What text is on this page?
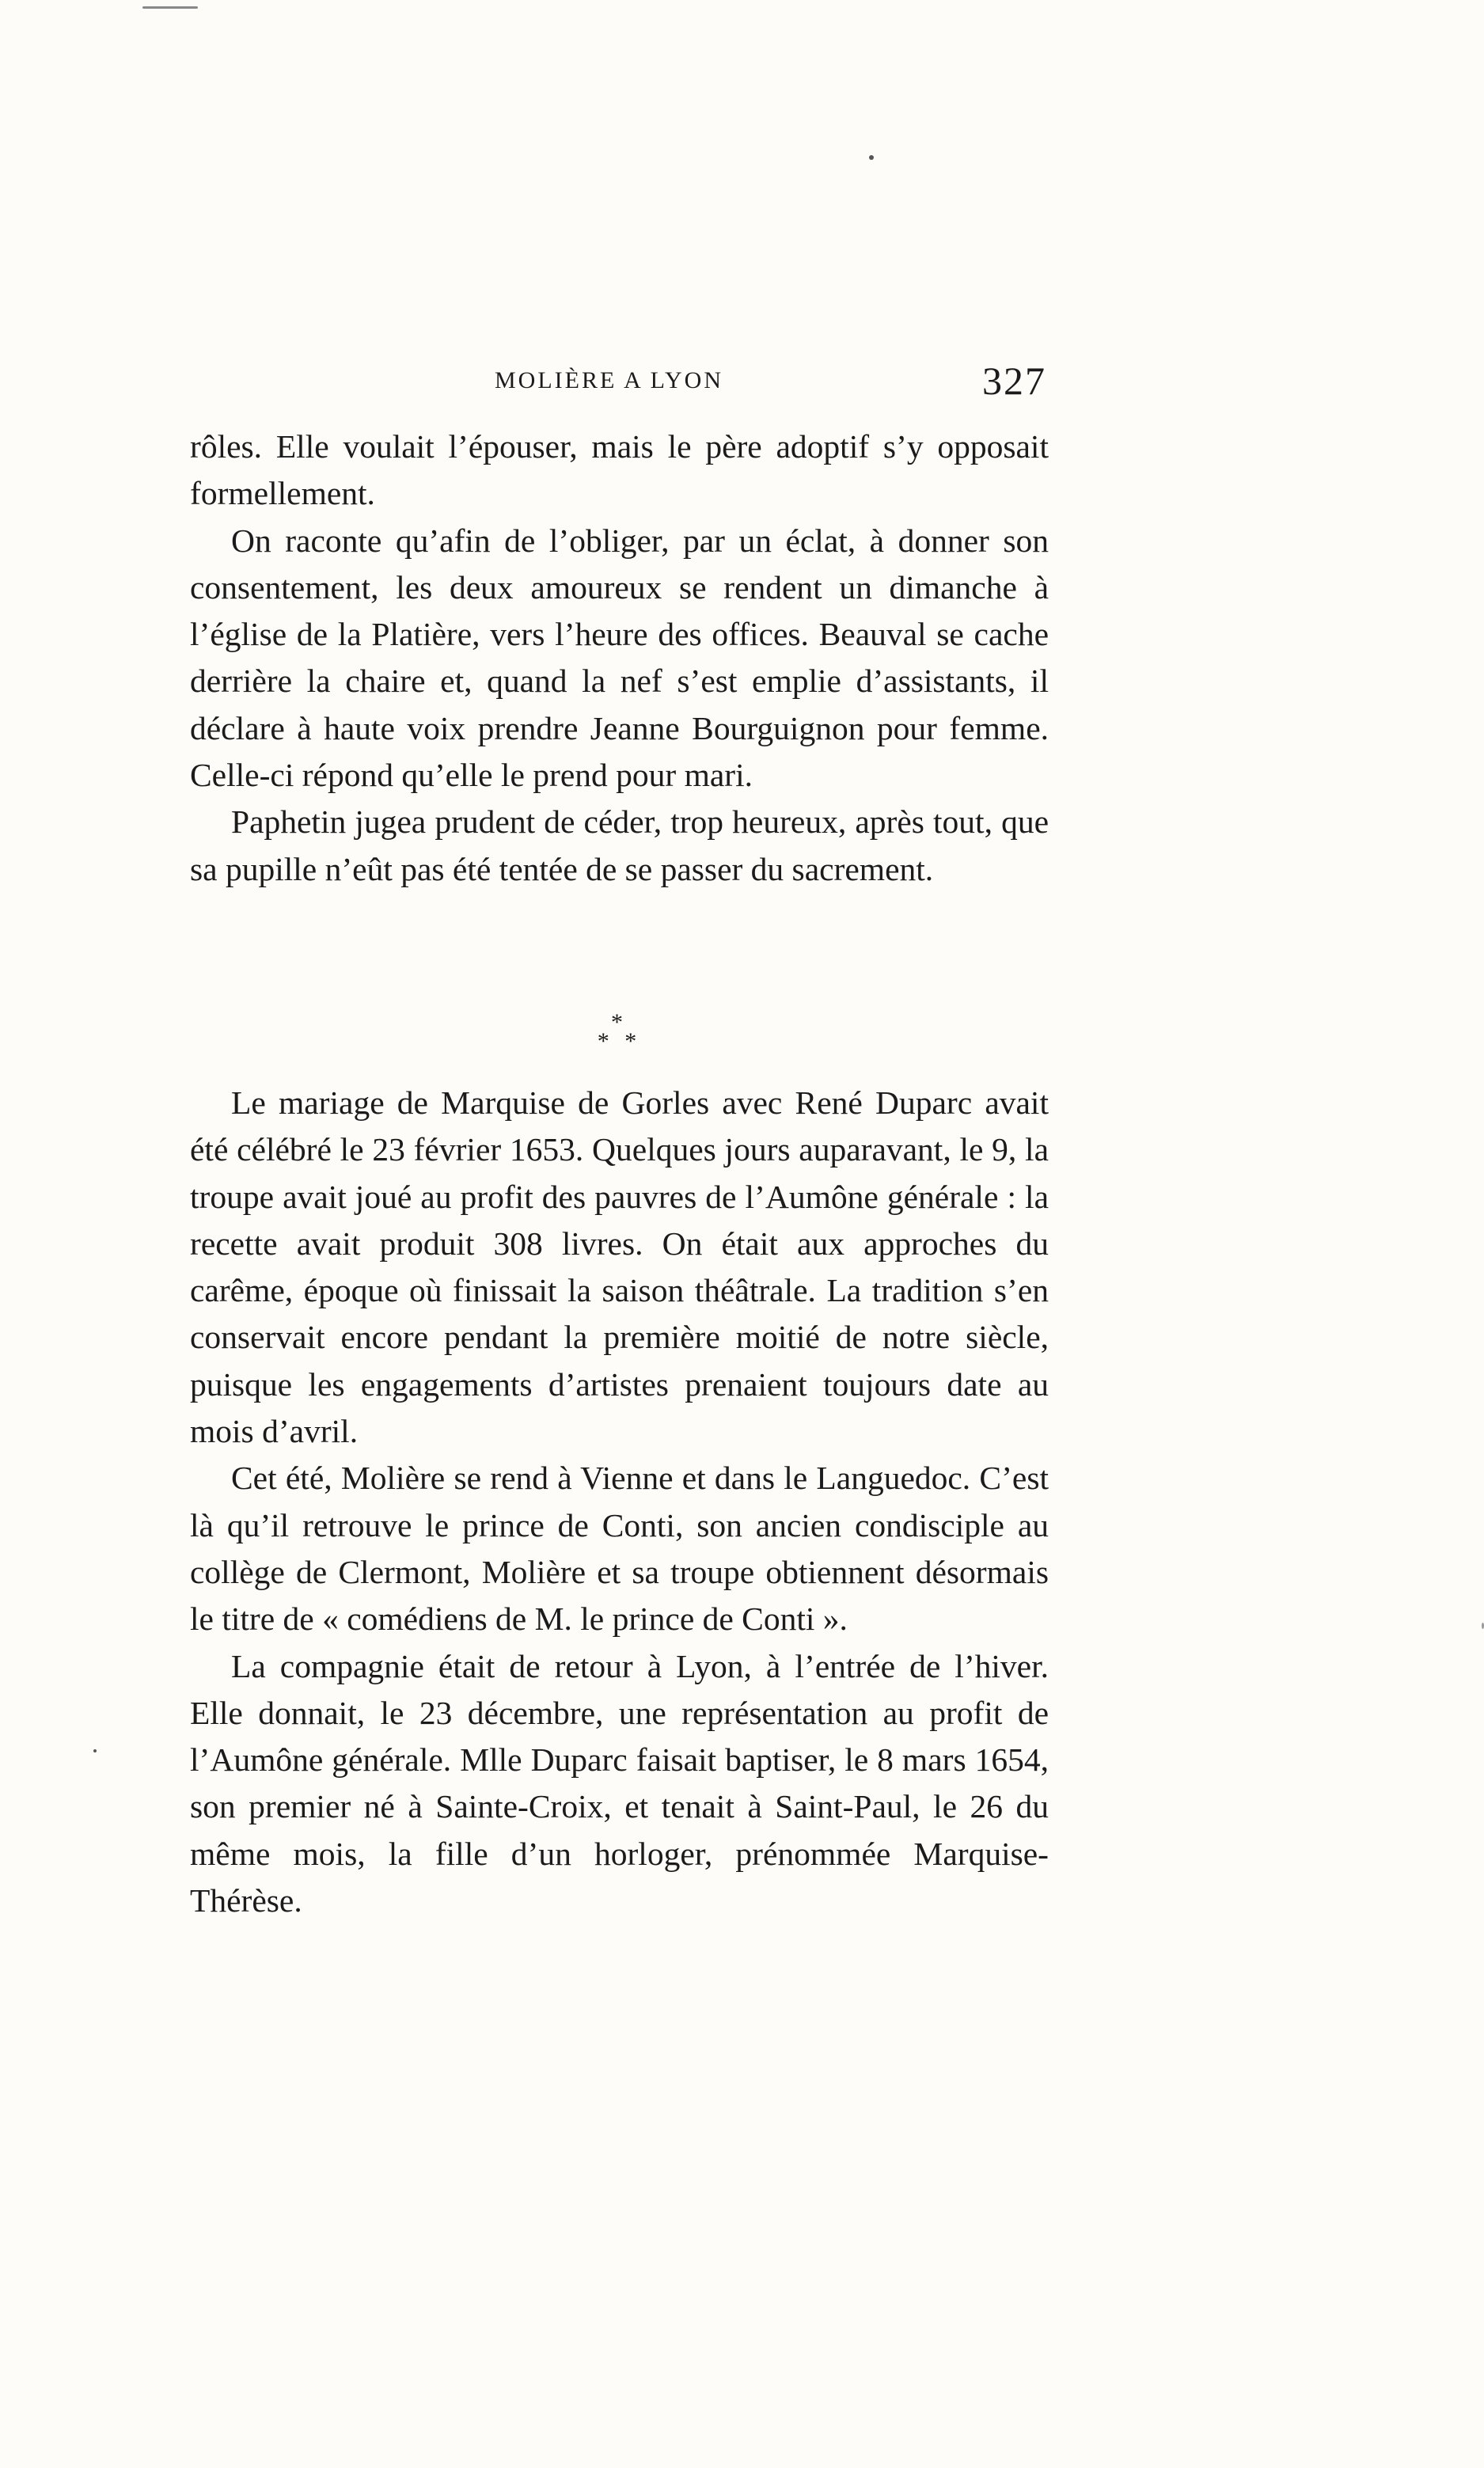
MOLIÈRE A LYON	327

rôles. Elle voulait l’épouser, mais le père adoptif s’y opposait formellement.

On raconte qu’afin de l’obliger, par un éclat, à donner son consentement, les deux amoureux se rendent un dimanche à l’église de la Platière, vers l’heure des offices. Beauval se cache derrière la chaire et, quand la nef s’est emplie d’assistants, il déclare à haute voix prendre Jeanne Bourguignon pour femme. Celle-ci répond qu’elle le prend pour mari.

Paphetin jugea prudent de céder, trop heureux, après tout, que sa pupille n’eût pas été tentée de se passer du sacrement.

*
* *

Le mariage de Marquise de Gorles avec René Duparc avait été célébré le 23 février 1653. Quelques jours auparavant, le 9, la troupe avait joué au profit des pauvres de l’Aumône générale : la recette avait produit 308 livres. On était aux approches du carême, époque où finissait la saison théâtrale. La tradition s’en conservait encore pendant la première moitié de notre siècle, puisque les engagements d’artistes prenaient toujours date au mois d’avril.

Cet été, Molière se rend à Vienne et dans le Languedoc. C’est là qu’il retrouve le prince de Conti, son ancien condisciple au collège de Clermont, Molière et sa troupe obtiennent désormais le titre de « comédiens de M. le prince de Conti ».

La compagnie était de retour à Lyon, à l’entrée de l’hiver. Elle donnait, le 23 décembre, une représentation au profit de l’Aumône générale. Mlle Duparc faisait baptiser, le 8 mars 1654, son premier né à Sainte-Croix, et tenait à Saint-Paul, le 26 du même mois, la fille d’un horloger, prénommée Marquise-Thérèse.
